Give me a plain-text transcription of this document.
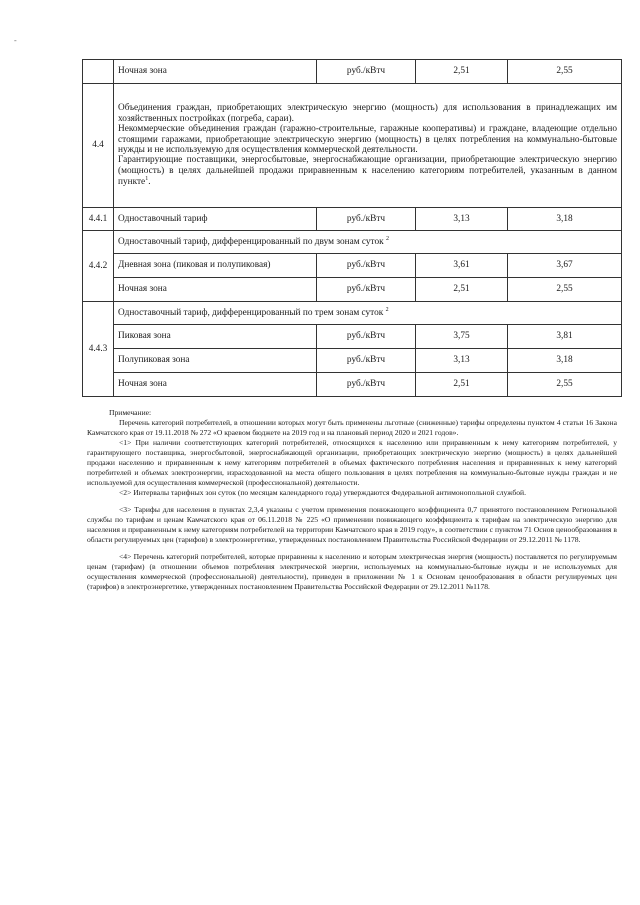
-
	Ночная зона	руб./кВтч	2,51	2,55
4.4	Объединения граждан, приобретающих электрическую энергию (мощность) для использования в принадлежащих им хозяйственных постройках (погреба, сараи).
Некоммерческие объединения граждан (гаражно-строительные, гаражные кооперативы) и граждане, владеющие отдельно стоящими гаражами, приобретающие электрическую энергию (мощность) в целях потребления на коммунально-бытовые нужды и не используемую для осуществления коммерческой деятельности.
Гарантирующие поставщики, энергосбытовые, энергоснабжающие организации, приобретающие электрическую энергию (мощность) в целях дальнейшей продажи приравненным к населению категориям потребителей, указанным в данном пункте$^1$.			

4.4.1	Одноставочный тариф	руб./кВтч	3,13	3,18
4.4.2	Одноставочный тариф, дифференцированный по двум зонам суток $^2$
	Дневная зона (пиковая и полупиковая)	руб./кВтч	3,61	3,67
	Ночная зона	руб./кВтч	2,51	2,55
4.4.3	Одноставочный тариф, дифференцированный по трем зонам суток $^2$
	Пиковая зона	руб./кВтч	3,75	3,81
	Полупиковая зона	руб./кВтч	3,13	3,18
	Ночная зона	руб./кВтч	2,51	2,55

Примечание:

Перечень категорий потребителей, в отношении которых могут быть применены льготные (сниженные) тарифы определены пунктом 4 статьи 16 Закона Камчатского края от 19.11.2018 № 272 «О краевом бюджете на 2019 год и на плановый период 2020 и 2021 годов».

<1> При наличии соответствующих категорий потребителей, относящихся к населению или приравненным к нему категориям потребителей, у гарантирующего поставщика, энергосбытовой, энергоснабжающей организации, приобретающих электрическую энергию (мощность) в целях дальнейшей продажи населению и приравненным к нему категориям потребителей в объемах фактического потребления населения и приравненных к нему категорий потребителей и объемах электроэнергии, израсходованной на места общего пользования в целях потребления на коммунально-бытовые нужды граждан и не используемой для осуществления коммерческой (профессиональной) деятельности.

<2> Интервалы тарифных зон суток (по месяцам календарного года) утверждаются Федеральной антимонопольной службой.

<3> Тарифы для населения в пунктах 2,3,4 указаны с учетом применения понижающего коэффициента 0,7 принятого постановлением Региональной службы по тарифам и ценам Камчатского края от 06.11.2018 № 225 «О применении понижающего коэффициента к тарифам на электрическую энергию для населения и приравненным к нему категориям потребителей на территории Камчатского края в 2019 году», в соответствии с пунктом 71 Основ ценообразования в области регулируемых цен (тарифов) в электроэнергетике, утвержденных постановлением Правительства Российской Федерации от 29.12.2011 № 1178.

<4> Перечень категорий потребителей, которые приравнены к населению и которым электрическая энергия (мощность) поставляется по регулируемым ценам (тарифам) (в отношении объемов потребления электрической энергии, используемых на коммунально-бытовые нужды и не используемых для осуществления коммерческой (профессиональной) деятельности), приведен в приложении № 1 к Основам ценообразования в области регулируемых цен (тарифов) в электроэнергетике, утвержденных постановлением Правительства Российской Федерации от 29.12.2011 №1178.
